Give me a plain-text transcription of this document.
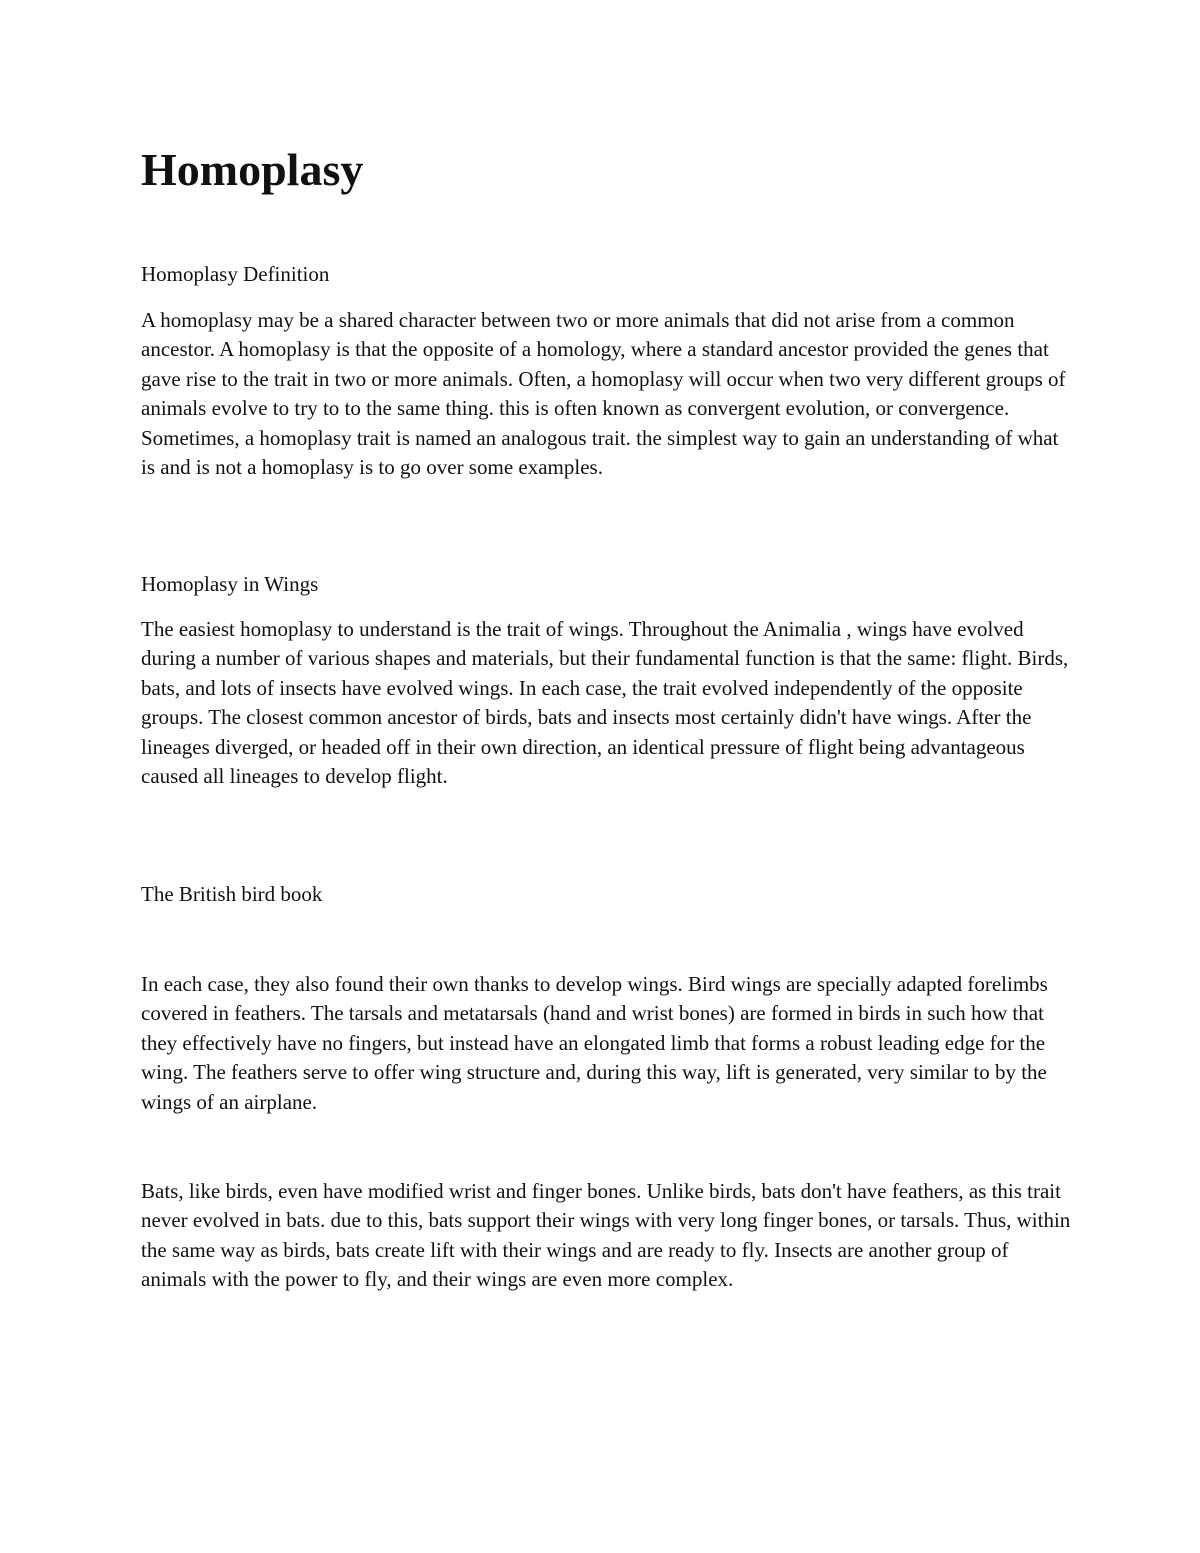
Homoplasy
Homoplasy Definition

A homoplasy may be a shared character between two or more animals that did not arise from a common ancestor. A homoplasy is that the opposite of a homology, where a standard ancestor provided the genes that gave rise to the trait in two or more animals. Often, a homoplasy will occur when two very different groups of animals evolve to try to to the same thing. this is often known as convergent evolution, or convergence. Sometimes, a homoplasy trait is named an analogous trait. the simplest way to gain an understanding of what is and is not a homoplasy is to go over some examples.

Homoplasy in Wings

The easiest homoplasy to understand is the trait of wings. Throughout the Animalia , wings have evolved during a number of various shapes and materials, but their fundamental function is that the same: flight. Birds, bats, and lots of insects have evolved wings. In each case, the trait evolved independently of the opposite groups. The closest common ancestor of birds, bats and insects most certainly didn't have wings. After the lineages diverged, or headed off in their own direction, an identical pressure of flight being advantageous caused all lineages to develop flight.

The British bird book

In each case, they also found their own thanks to develop wings. Bird wings are specially adapted forelimbs covered in feathers. The tarsals and metatarsals (hand and wrist bones) are formed in birds in such how that they effectively have no fingers, but instead have an elongated limb that forms a robust leading edge for the wing. The feathers serve to offer wing structure and, during this way, lift is generated, very similar to by the wings of an airplane.

Bats, like birds, even have modified wrist and finger bones. Unlike birds, bats don't have feathers, as this trait never evolved in bats. due to this, bats support their wings with very long finger bones, or tarsals. Thus, within the same way as birds, bats create lift with their wings and are ready to fly. Insects are another group of animals with the power to fly, and their wings are even more complex.
